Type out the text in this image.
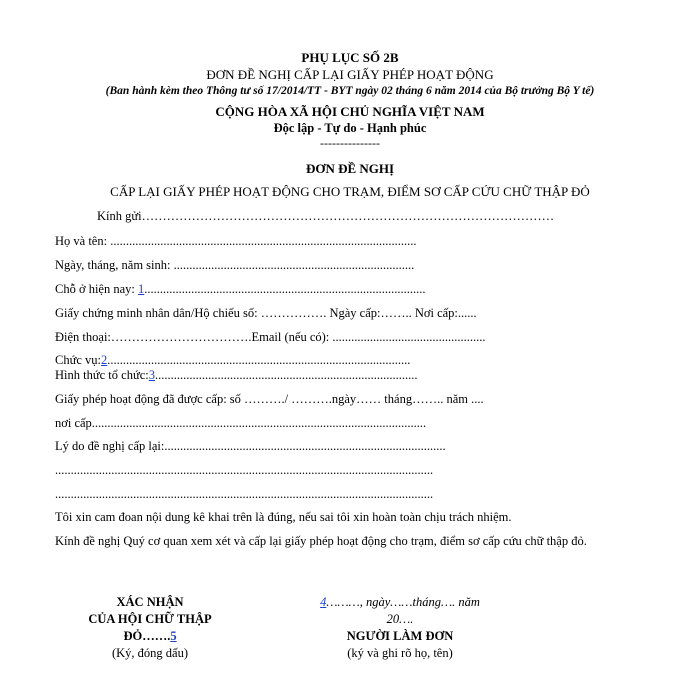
PHỤ LỤC SỐ 2B
ĐƠN ĐỀ NGHỊ CẤP LẠI GIẤY PHÉP HOẠT ĐỘNG
(Ban hành kèm theo Thông tư số 17/2014/TT - BYT ngày 02 tháng 6 năm 2014 của Bộ trưởng Bộ Y tế)
CỘNG HÒA XÃ HỘI CHỦ NGHĨA VIỆT NAM
Độc lập - Tự do - Hạnh phúc
---------------
ĐƠN ĐỀ NGHỊ
CẤP LẠI GIẤY PHÉP HOẠT ĐỘNG CHO TRẠM, ĐIỂM SƠ CẤP CỨU CHỮ THẬP ĐỎ
Kính gửi………………………………………………………………………………………
Họ và tên: ..................................................................................................
Ngày, tháng, năm sinh: .............................................................................
Chỗ ở hiện nay: 1..........................................................................................
Giấy chứng minh nhân dân/Hộ chiếu số: ……………. Ngày cấp:…….. Nơi cấp:......
Điện thoại:…………………………….Email (nếu có): .................................................
Chức vụ:2.................................................................................................
Hình thức tổ chức:3....................................................................................
Giấy phép hoạt động đã được cấp: số ………./ ……….ngày…… tháng…….. năm ....
nơi cấp...........................................................................................................
Lý do đề nghị cấp lại:..........................................................................................
.........................................................................................................................
.........................................................................................................................
Tôi xin cam đoan nội dung kê khai trên là đúng, nếu sai tôi xin hoàn toàn chịu trách nhiệm.
Kính đề nghị Quý cơ quan xem xét và cấp lại giấy phép hoạt động cho trạm, điểm sơ cấp cứu chữ thập đỏ.
XÁC NHẬN
CỦA HỘI CHỮ THẬP
ĐỎ…….5
(Ký, đóng dấu)
4………, ngày……tháng…. năm
20….
NGƯỜI LÀM ĐƠN
(ký và ghi rõ họ, tên)
